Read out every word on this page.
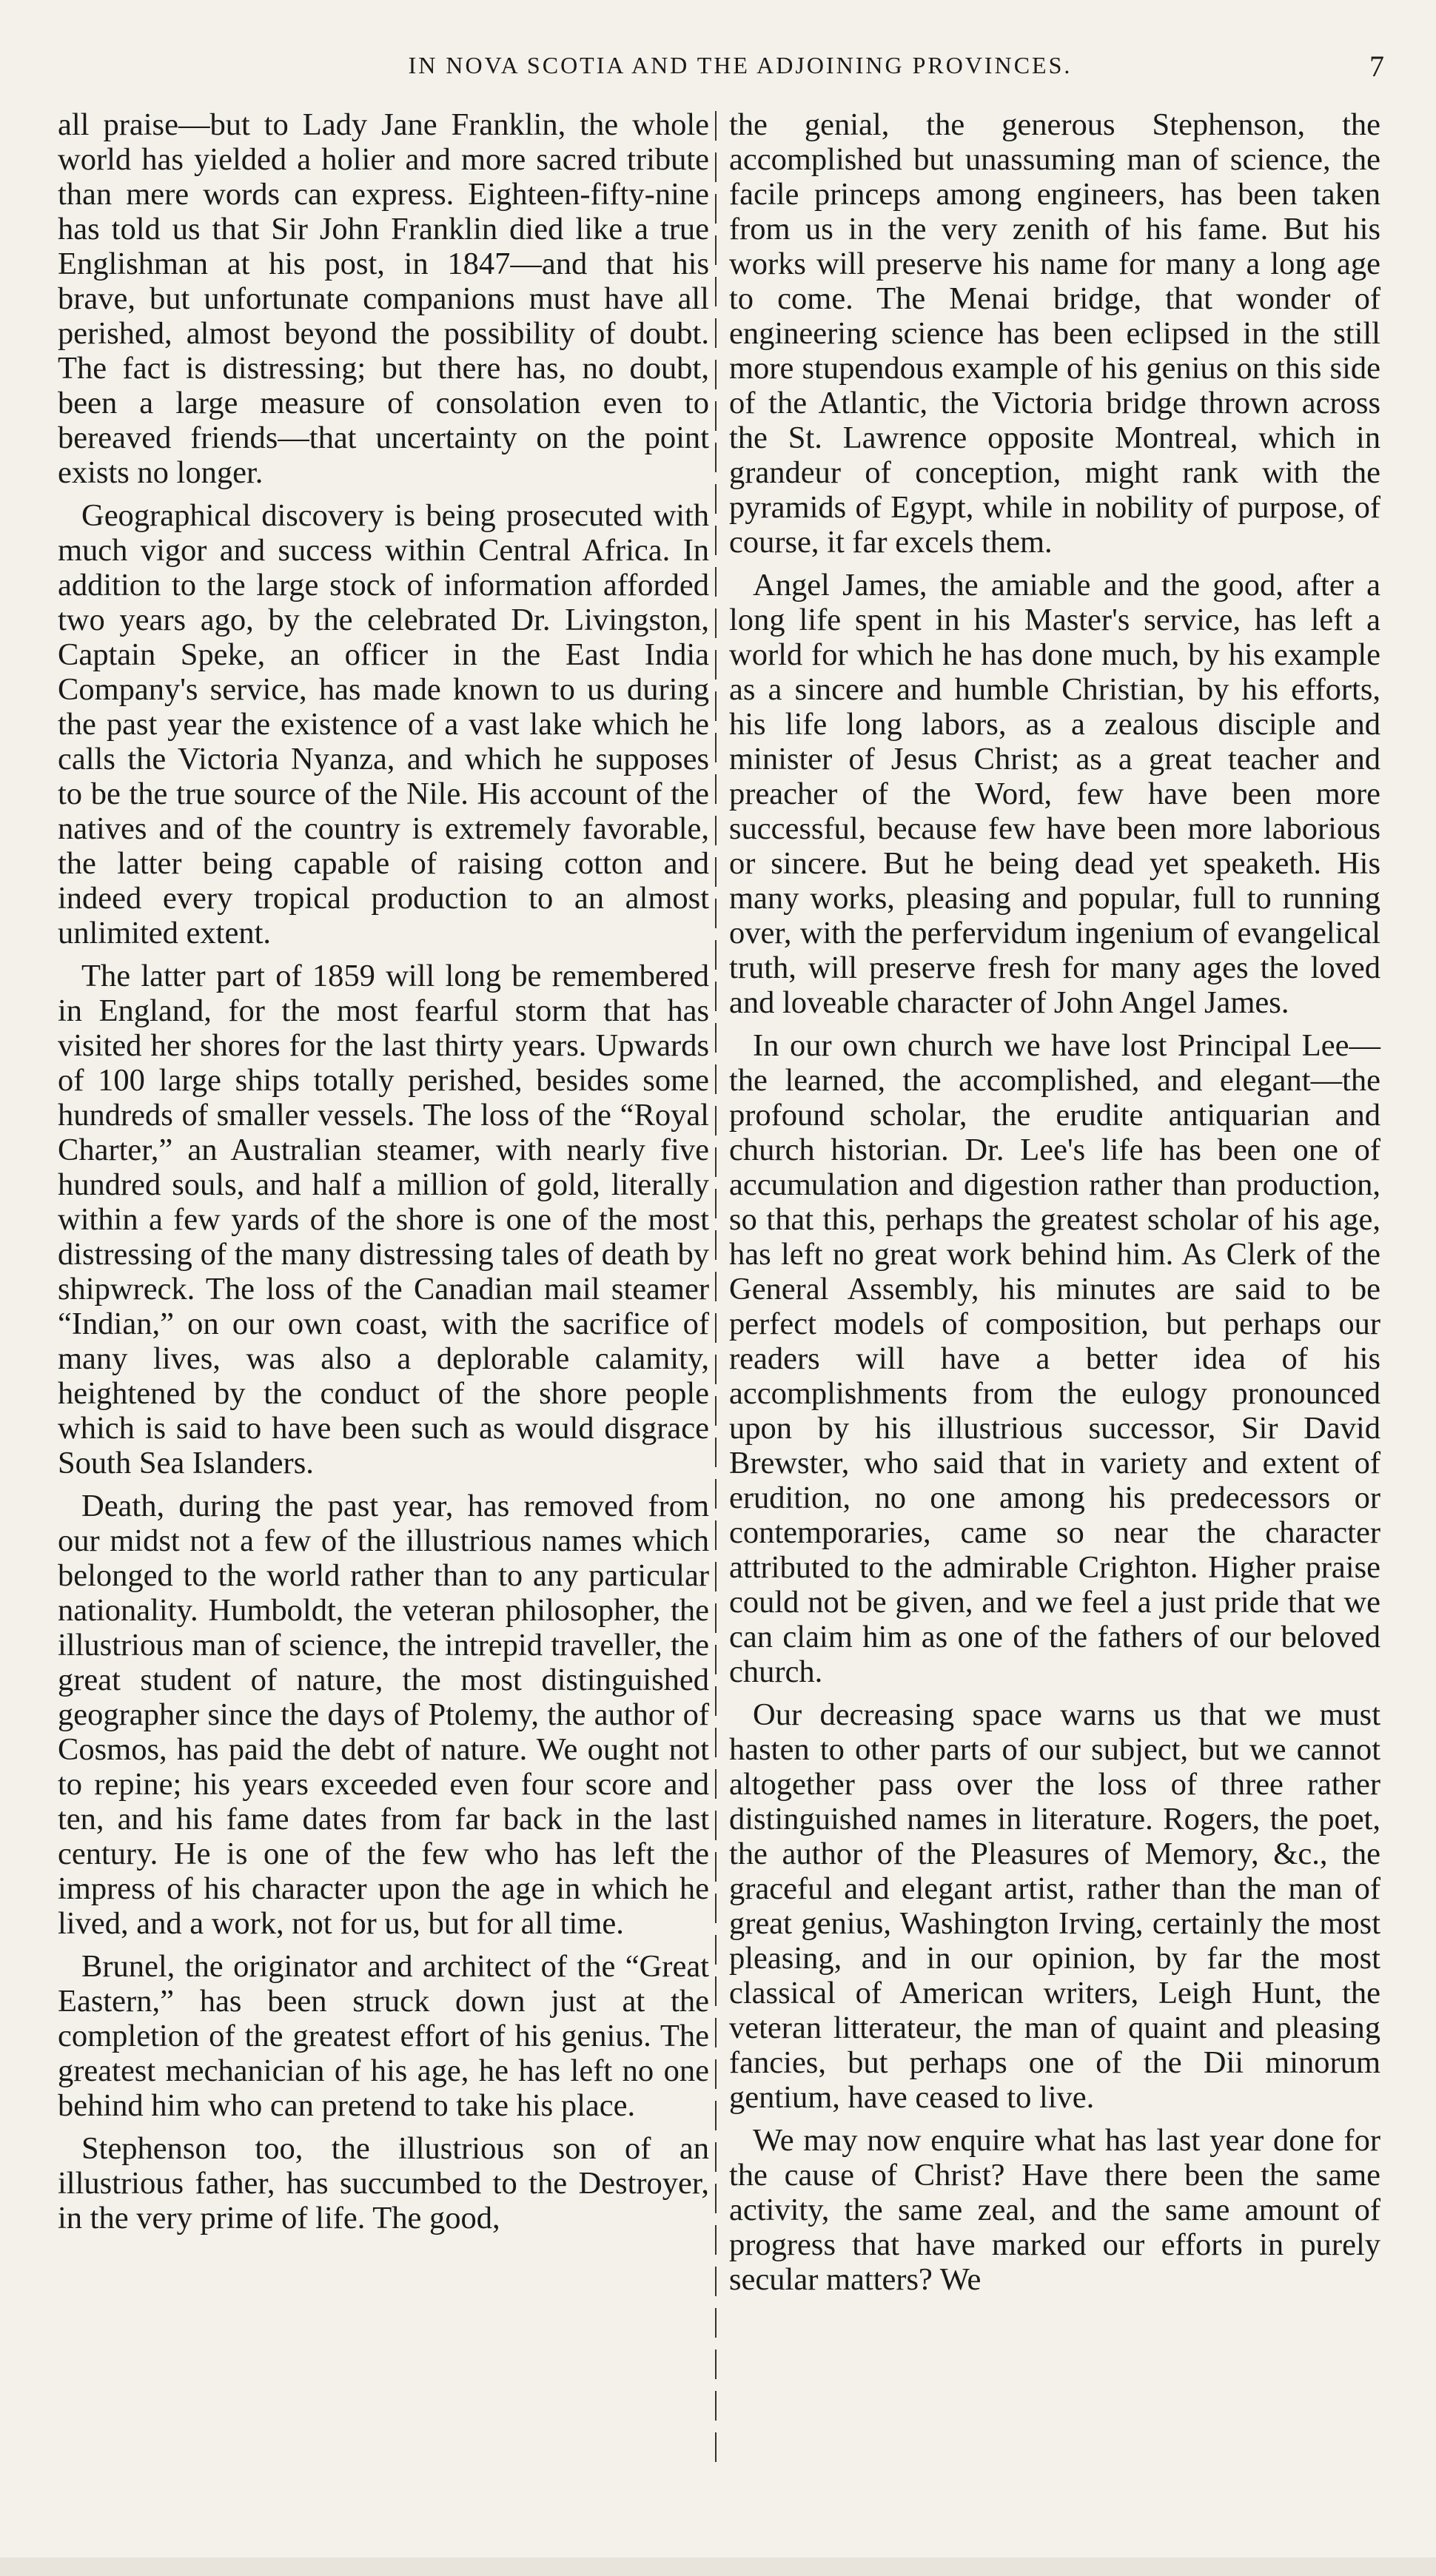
IN NOVA SCOTIA AND THE ADJOINING PROVINCES.	7

all praise—but to Lady Jane Franklin, the whole world has yielded a holier and more sacred tribute than mere words can express. Eighteen-fifty-nine has told us that Sir John Franklin died like a true Englishman at his post, in 1847—and that his brave, but unfortunate companions must have all perished, almost beyond the possibility of doubt. The fact is distressing; but there has, no doubt, been a large measure of consolation even to bereaved friends—that uncertainty on the point exists no longer.

Geographical discovery is being prosecuted with much vigor and success within Central Africa. In addition to the large stock of information afforded two years ago, by the celebrated Dr. Livingston, Captain Speke, an officer in the East India Company's service, has made known to us during the past year the existence of a vast lake which he calls the Victoria Nyanza, and which he supposes to be the true source of the Nile. His account of the natives and of the country is extremely favorable, the latter being capable of raising cotton and indeed every tropical production to an almost unlimited extent.

The latter part of 1859 will long be remembered in England, for the most fearful storm that has visited her shores for the last thirty years. Upwards of 100 large ships totally perished, besides some hundreds of smaller vessels. The loss of the “Royal Charter,” an Australian steamer, with nearly five hundred souls, and half a million of gold, literally within a few yards of the shore is one of the most distressing of the many distressing tales of death by shipwreck. The loss of the Canadian mail steamer “Indian,” on our own coast, with the sacrifice of many lives, was also a deplorable calamity, heightened by the conduct of the shore people which is said to have been such as would disgrace South Sea Islanders.

Death, during the past year, has removed from our midst not a few of the illustrious names which belonged to the world rather than to any particular nationality. Humboldt, the veteran philosopher, the illustrious man of science, the intrepid traveller, the great student of nature, the most distinguished geographer since the days of Ptolemy, the author of Cosmos, has paid the debt of nature. We ought not to repine; his years exceeded even four score and ten, and his fame dates from far back in the last century. He is one of the few who has left the impress of his character upon the age in which he lived, and a work, not for us, but for all time.

Brunel, the originator and architect of the “Great Eastern,” has been struck down just at the completion of the greatest effort of his genius. The greatest mechanician of his age, he has left no one behind him who can pretend to take his place.

Stephenson too, the illustrious son of an illustrious father, has succumbed to the Destroyer, in the very prime of life. The good,

the genial, the generous Stephenson, the accomplished but unassuming man of science, the facile princeps among engineers, has been taken from us in the very zenith of his fame. But his works will preserve his name for many a long age to come. The Menai bridge, that wonder of engineering science has been eclipsed in the still more stupendous example of his genius on this side of the Atlantic, the Victoria bridge thrown across the St. Lawrence opposite Montreal, which in grandeur of conception, might rank with the pyramids of Egypt, while in nobility of purpose, of course, it far excels them.

Angel James, the amiable and the good, after a long life spent in his Master's service, has left a world for which he has done much, by his example as a sincere and humble Christian, by his efforts, his life long labors, as a zealous disciple and minister of Jesus Christ; as a great teacher and preacher of the Word, few have been more successful, because few have been more laborious or sincere. But he being dead yet speaketh. His many works, pleasing and popular, full to running over, with the perfervidum ingenium of evangelical truth, will preserve fresh for many ages the loved and loveable character of John Angel James.

In our own church we have lost Principal Lee—the learned, the accomplished, and elegant—the profound scholar, the erudite antiquarian and church historian. Dr. Lee's life has been one of accumulation and digestion rather than production, so that this, perhaps the greatest scholar of his age, has left no great work behind him. As Clerk of the General Assembly, his minutes are said to be perfect models of composition, but perhaps our readers will have a better idea of his accomplishments from the eulogy pronounced upon by his illustrious successor, Sir David Brewster, who said that in variety and extent of erudition, no one among his predecessors or contemporaries, came so near the character attributed to the admirable Crighton. Higher praise could not be given, and we feel a just pride that we can claim him as one of the fathers of our beloved church.

Our decreasing space warns us that we must hasten to other parts of our subject, but we cannot altogether pass over the loss of three rather distinguished names in literature. Rogers, the poet, the author of the Pleasures of Memory, &c., the graceful and elegant artist, rather than the man of great genius, Washington Irving, certainly the most pleasing, and in our opinion, by far the most classical of American writers, Leigh Hunt, the veteran litterateur, the man of quaint and pleasing fancies, but perhaps one of the Dii minorum gentium, have ceased to live.

We may now enquire what has last year done for the cause of Christ? Have there been the same activity, the same zeal, and the same amount of progress that have marked our efforts in purely secular matters? We
